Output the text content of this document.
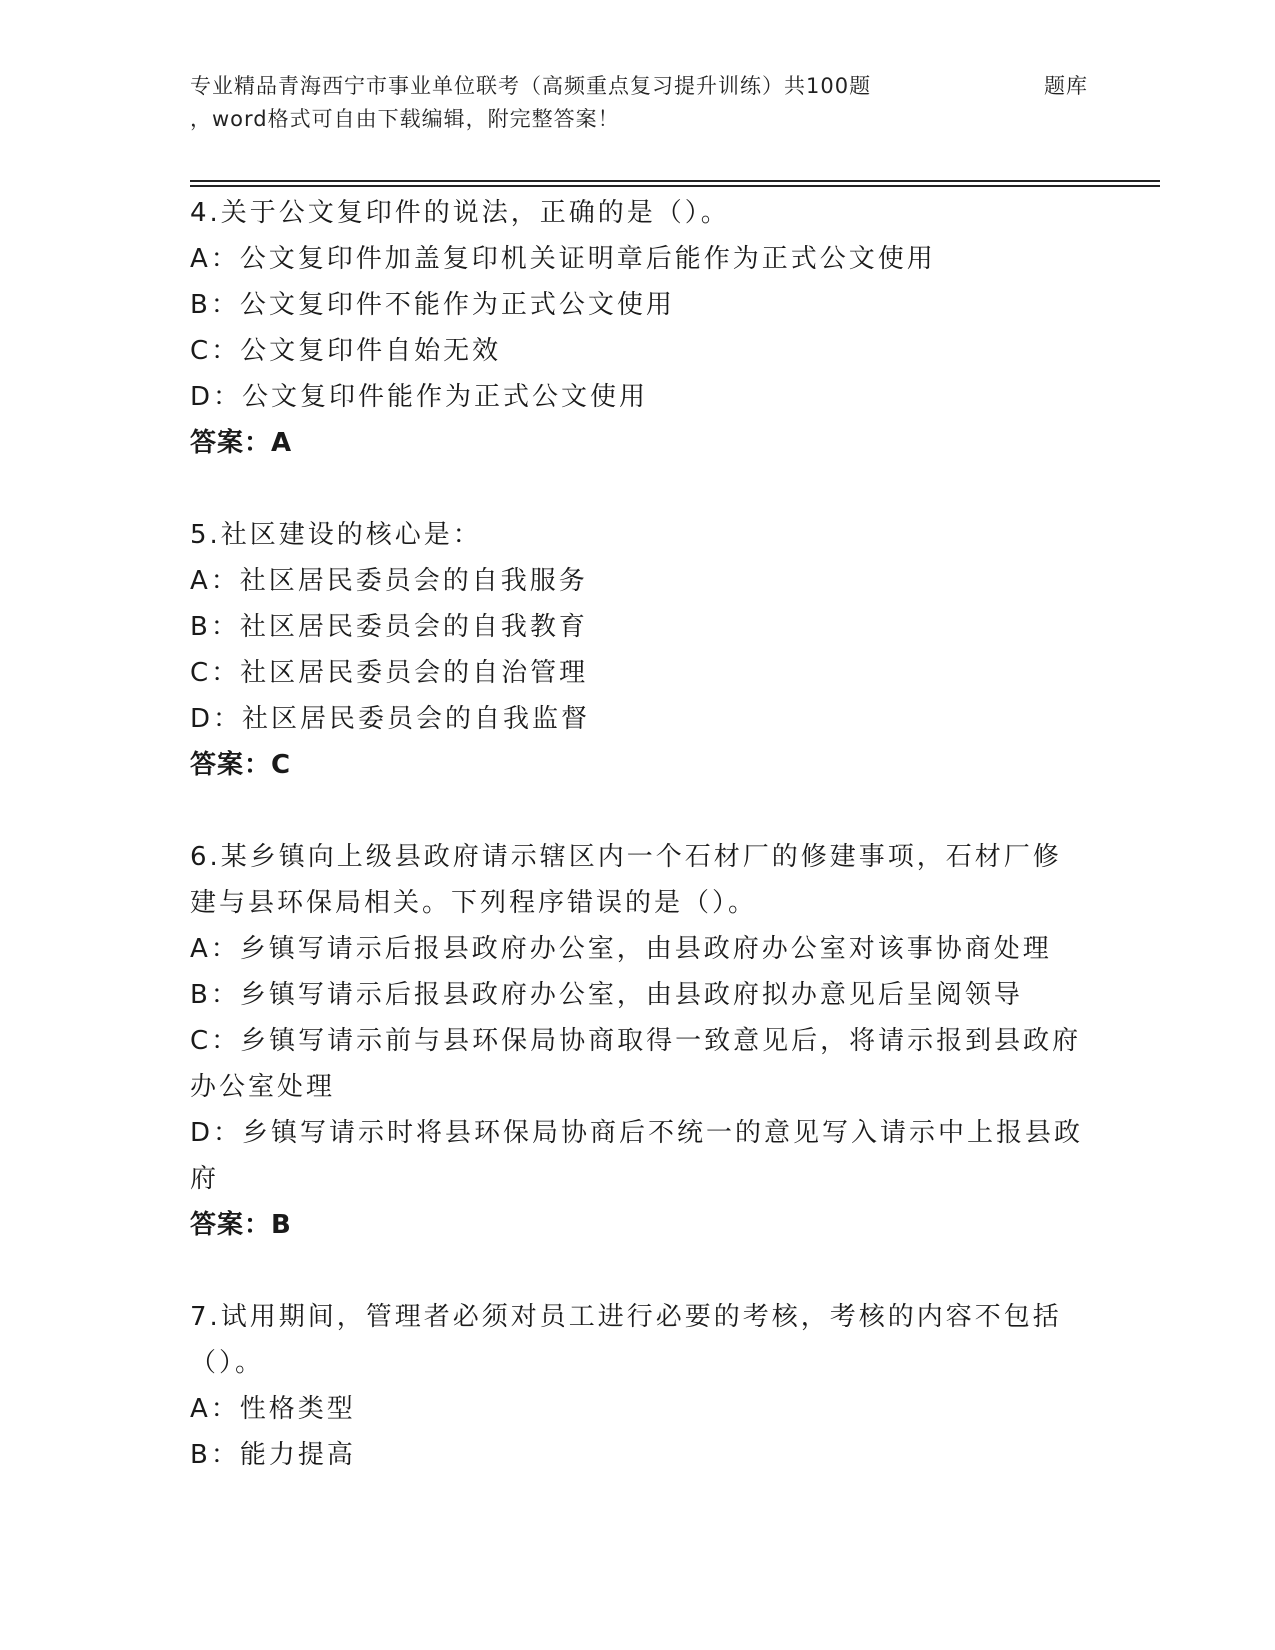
专业精品青海西宁市事业单位联考（高频重点复习提升训练）共100题	题库
，word格式可自由下载编辑，附完整答案！

4.关于公文复印件的说法，正确的是（）。

A：公文复印件加盖复印机关证明章后能作为正式公文使用

B：公文复印件不能作为正式公文使用

C：公文复印件自始无效

D：公文复印件能作为正式公文使用

答案：A

5.社区建设的核心是：

A：社区居民委员会的自我服务

B：社区居民委员会的自我教育

C：社区居民委员会的自治管理

D：社区居民委员会的自我监督

答案：C

6.某乡镇向上级县政府请示辖区内一个石材厂的修建事项，石材厂修

建与县环保局相关。下列程序错误的是（）。

A：乡镇写请示后报县政府办公室，由县政府办公室对该事协商处理

B：乡镇写请示后报县政府办公室，由县政府拟办意见后呈阅领导

C：乡镇写请示前与县环保局协商取得一致意见后，将请示报到县政府

办公室处理

D：乡镇写请示时将县环保局协商后不统一的意见写入请示中上报县政

府

答案：B

7.试用期间，管理者必须对员工进行必要的考核，考核的内容不包括

（）。

A：性格类型

B：能力提高
